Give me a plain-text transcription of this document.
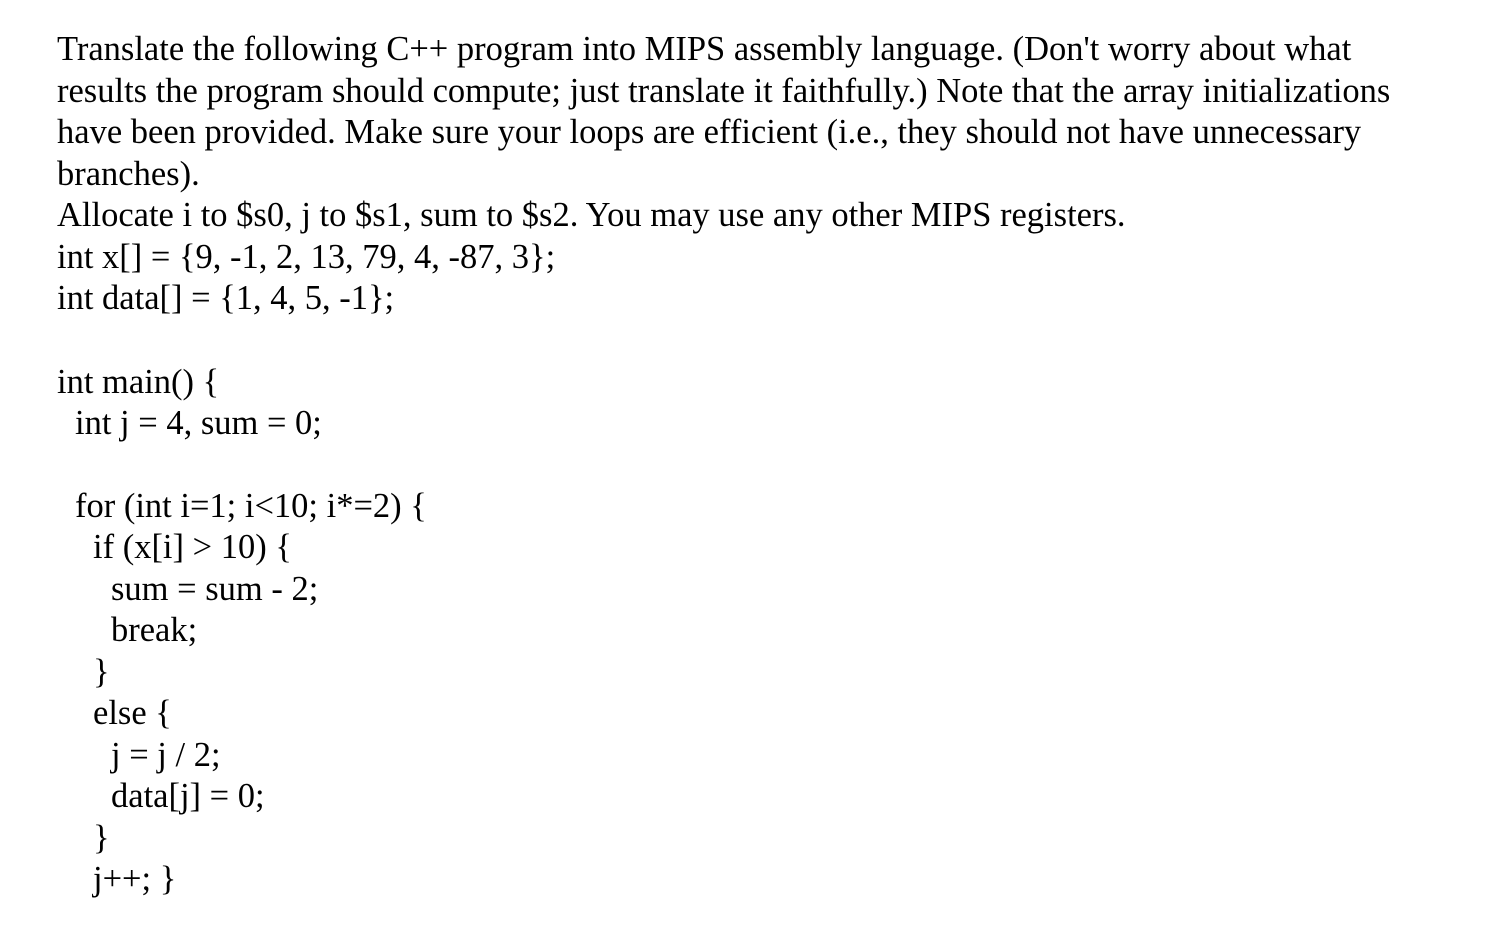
Translate the following C++ program into MIPS assembly language. (Don't worry about what
results the program should compute; just translate it faithfully.) Note that the array initializations
have been provided. Make sure your loops are efficient (i.e., they should not have unnecessary
branches).
Allocate i to $s0, j to $s1, sum to $s2. You may use any other MIPS registers.
int x[] = {9, -1, 2, 13, 79, 4, -87, 3};
int data[] = {1, 4, 5, -1};
int main() {
int j = 4, sum = 0;
for (int i=1; i<10; i*=2) {
if (x[i] > 10) {
sum = sum - 2;
break;
}
else {
j = j / 2;
data[j] = 0;
}
j++; }
